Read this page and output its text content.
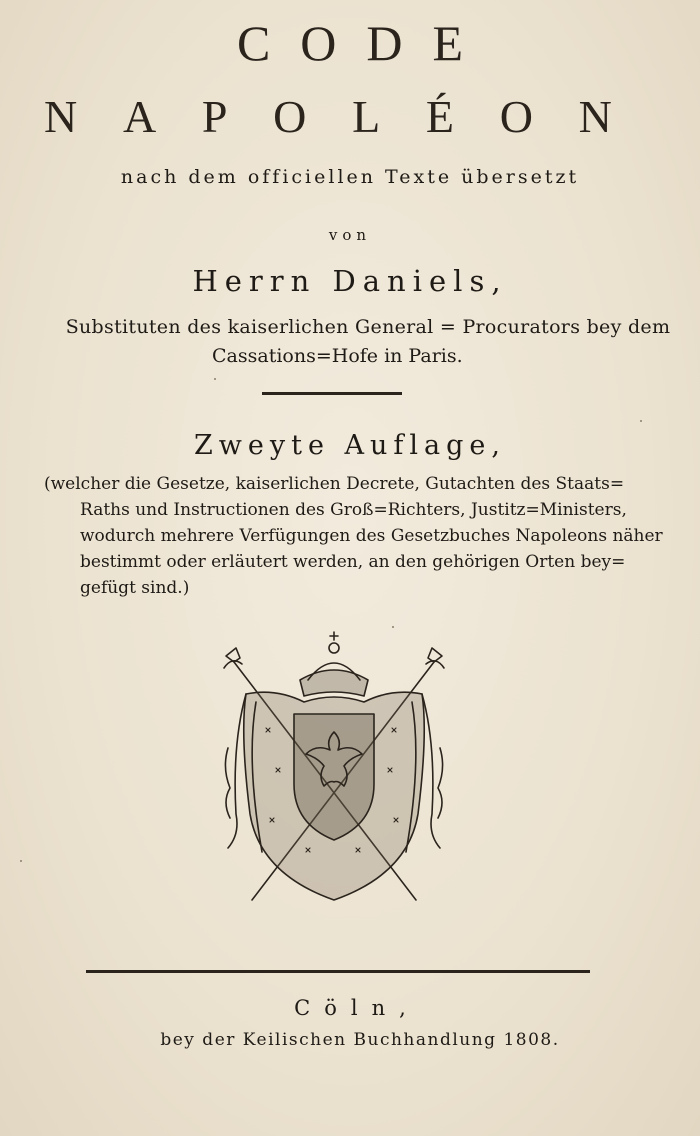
CODE
N A P O L É O N
nach dem officiellen Texte übersetzt
von
Herrn Daniels,
Substituten des kaiserlichen General = Procurators bey dem
Cassations=Hofe in Paris.
Zweyte Auflage,
(welcher die Gesetze, kaiserlichen Decrete, Gutachten des Staats=
Raths und Instructionen des Groß=Richters, Justitz=Ministers,
wodurch mehrere Verfügungen des Gesetzbuches Napoleons näher
bestimmt oder erläutert werden, an den gehörigen Orten bey=
gefügt sind.)
Cöln,
bey der Keilischen Buchhandlung 1808.
